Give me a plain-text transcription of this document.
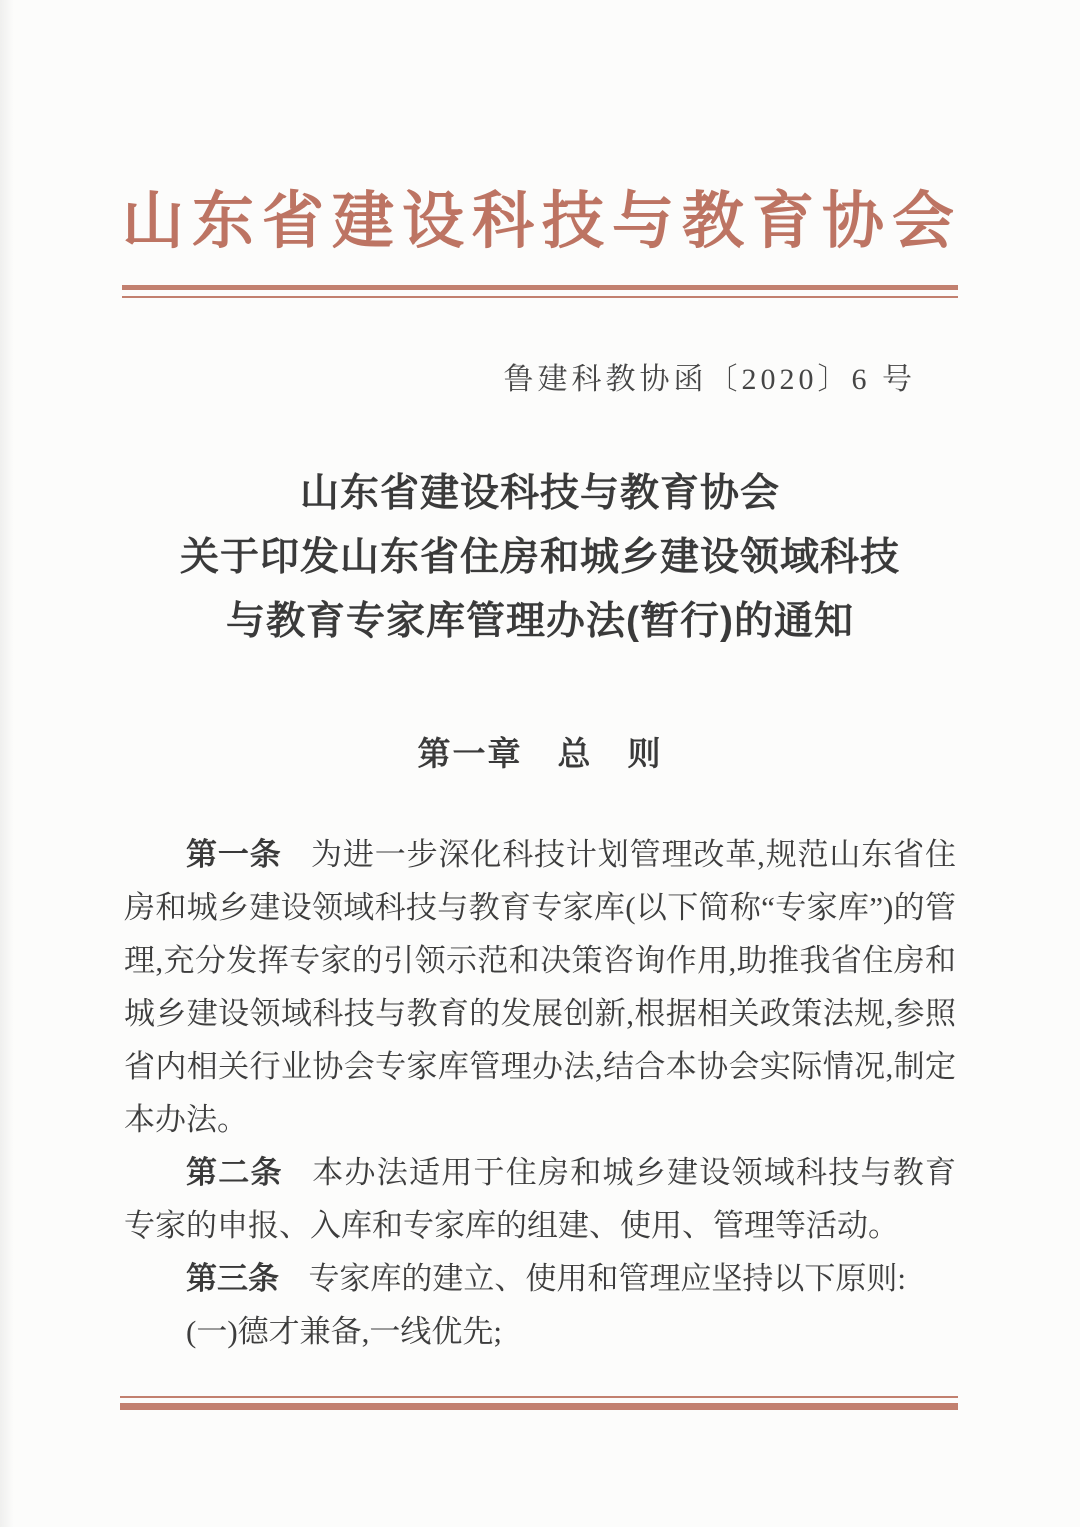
山东省建设科技与教育协会
鲁建科教协函〔2020〕6 号
山东省建设科技与教育协会
关于印发山东省住房和城乡建设领域科技
与教育专家库管理办法(暂行)的通知
第一章　总　则

第一条 为进一步深化科技计划管理改革,规范山东省住房和城乡建设领域科技与教育专家库(以下简称“专家库”)的管理,充分发挥专家的引领示范和决策咨询作用,助推我省住房和城乡建设领域科技与教育的发展创新,根据相关政策法规,参照省内相关行业协会专家库管理办法,结合本协会实际情况,制定本办法。

第二条 本办法适用于住房和城乡建设领域科技与教育专家的申报、入库和专家库的组建、使用、管理等活动。

第三条 专家库的建立、使用和管理应坚持以下原则:

(一)德才兼备,一线优先;
